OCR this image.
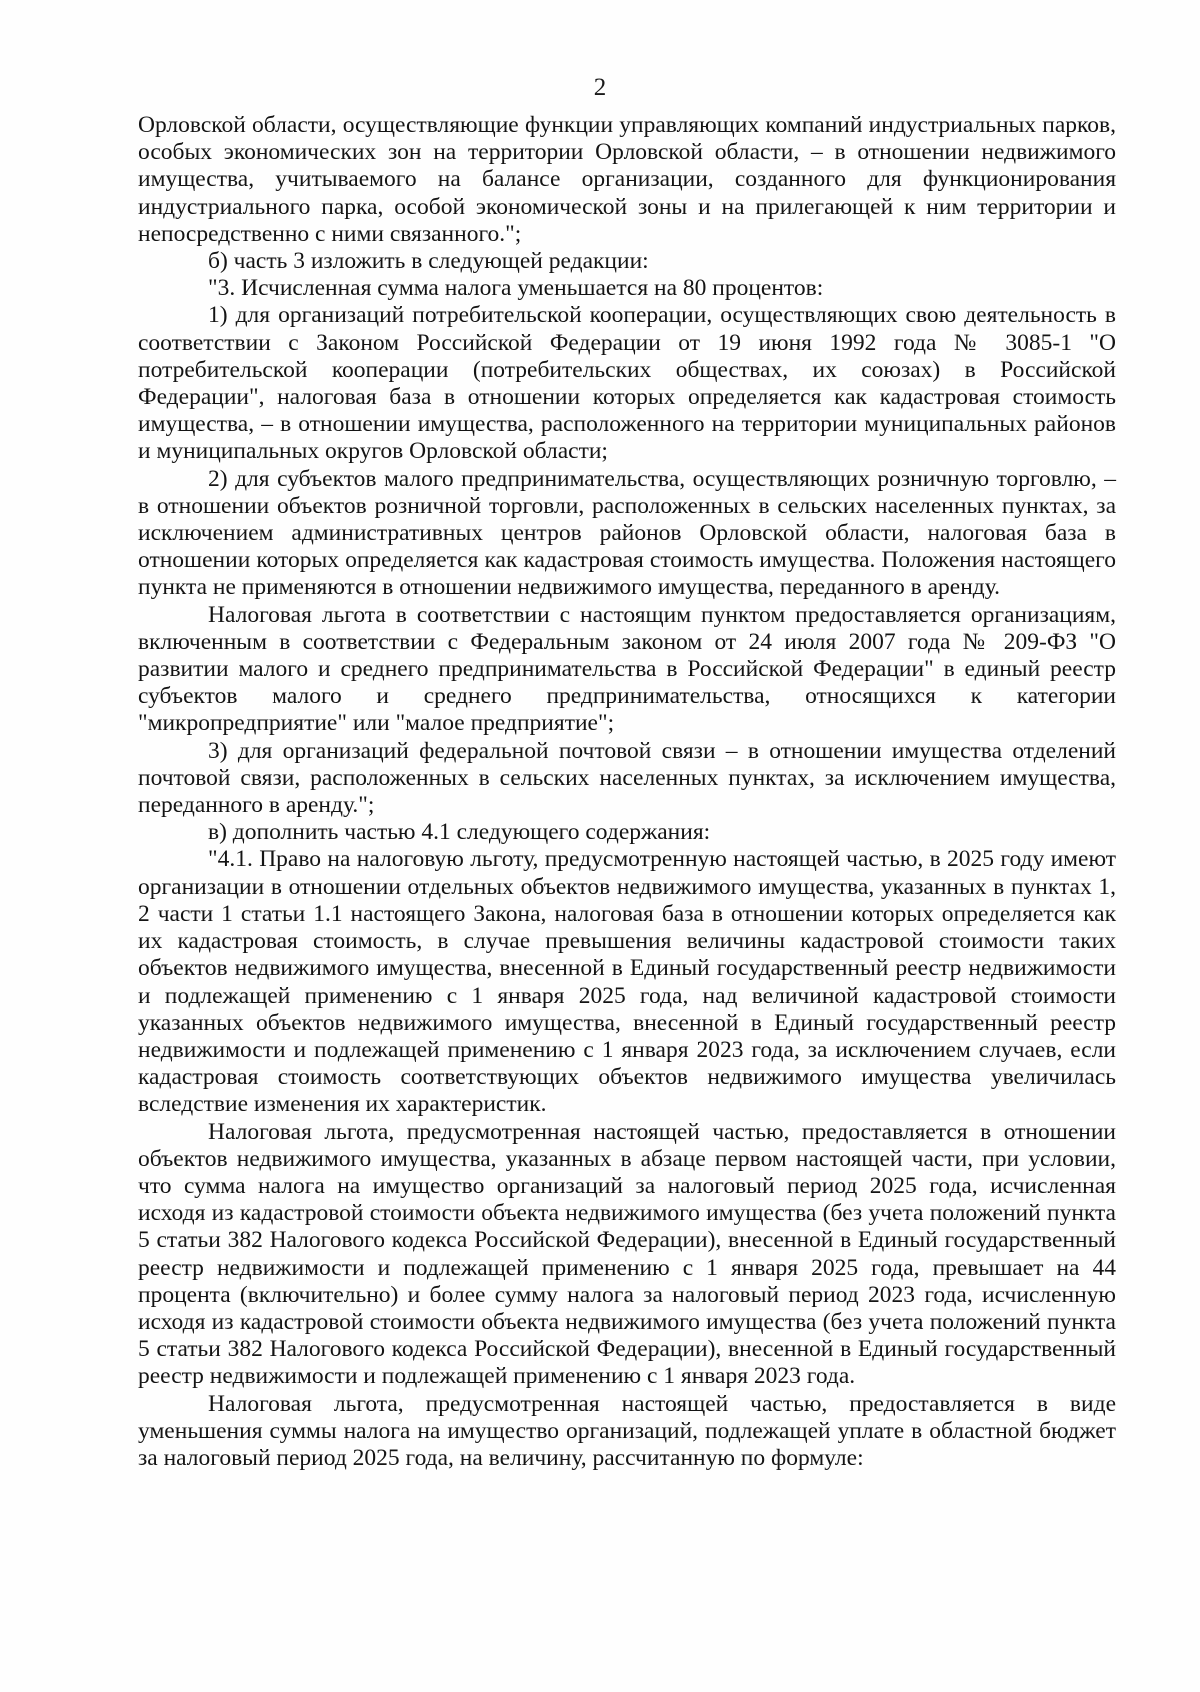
2

Орловской области, осуществляющие функции управляющих компаний индустриальных парков, особых экономических зон на территории Орловской области, – в отношении недвижимого имущества, учитываемого на балансе организации, созданного для функционирования индустриального парка, особой экономической зоны и на прилегающей к ним территории и непосредственно с ними связанного.";

б) часть 3 изложить в следующей редакции:

"3. Исчисленная сумма налога уменьшается на 80 процентов:

1) для организаций потребительской кооперации, осуществляющих свою деятельность в соответствии с Законом Российской Федерации от 19 июня 1992 года № 3085-1 "О потребительской кооперации (потребительских обществах, их союзах) в Российской Федерации", налоговая база в отношении которых определяется как кадастровая стоимость имущества, – в отношении имущества, расположенного на территории муниципальных районов и муниципальных округов Орловской области;

2) для субъектов малого предпринимательства, осуществляющих розничную торговлю, – в отношении объектов розничной торговли, расположенных в сельских населенных пунктах, за исключением административных центров районов Орловской области, налоговая база в отношении которых определяется как кадастровая стоимость имущества. Положения настоящего пункта не применяются в отношении недвижимого имущества, переданного в аренду.

Налоговая льгота в соответствии с настоящим пунктом предоставляется организациям, включенным в соответствии с Федеральным законом от 24 июля 2007 года № 209-ФЗ "О развитии малого и среднего предпринимательства в Российской Федерации" в единый реестр субъектов малого и среднего предпринимательства, относящихся к категории "микропредприятие" или "малое предприятие";

3) для организаций федеральной почтовой связи – в отношении имущества отделений почтовой связи, расположенных в сельских населенных пунктах, за исключением имущества, переданного в аренду.";

в) дополнить частью 4.1 следующего содержания:

"4.1. Право на налоговую льготу, предусмотренную настоящей частью, в 2025 году имеют организации в отношении отдельных объектов недвижимого имущества, указанных в пунктах 1, 2 части 1 статьи 1.1 настоящего Закона, налоговая база в отношении которых определяется как их кадастровая стоимость, в случае превышения величины кадастровой стоимости таких объектов недвижимого имущества, внесенной в Единый государственный реестр недвижимости и подлежащей применению с 1 января 2025 года, над величиной кадастровой стоимости указанных объектов недвижимого имущества, внесенной в Единый государственный реестр недвижимости и подлежащей применению с 1 января 2023 года, за исключением случаев, если кадастровая стоимость соответствующих объектов недвижимого имущества увеличилась вследствие изменения их характеристик.

Налоговая льгота, предусмотренная настоящей частью, предоставляется в отношении объектов недвижимого имущества, указанных в абзаце первом настоящей части, при условии, что сумма налога на имущество организаций за налоговый период 2025 года, исчисленная исходя из кадастровой стоимости объекта недвижимого имущества (без учета положений пункта 5 статьи 382 Налогового кодекса Российской Федерации), внесенной в Единый государственный реестр недвижимости и подлежащей применению с 1 января 2025 года, превышает на 44 процента (включительно) и более сумму налога за налоговый период 2023 года, исчисленную исходя из кадастровой стоимости объекта недвижимого имущества (без учета положений пункта 5 статьи 382 Налогового кодекса Российской Федерации), внесенной в Единый государственный реестр недвижимости и подлежащей применению с 1 января 2023 года.

Налоговая льгота, предусмотренная настоящей частью, предоставляется в виде уменьшения суммы налога на имущество организаций, подлежащей уплате в областной бюджет за налоговый период 2025 года, на величину, рассчитанную по формуле:
